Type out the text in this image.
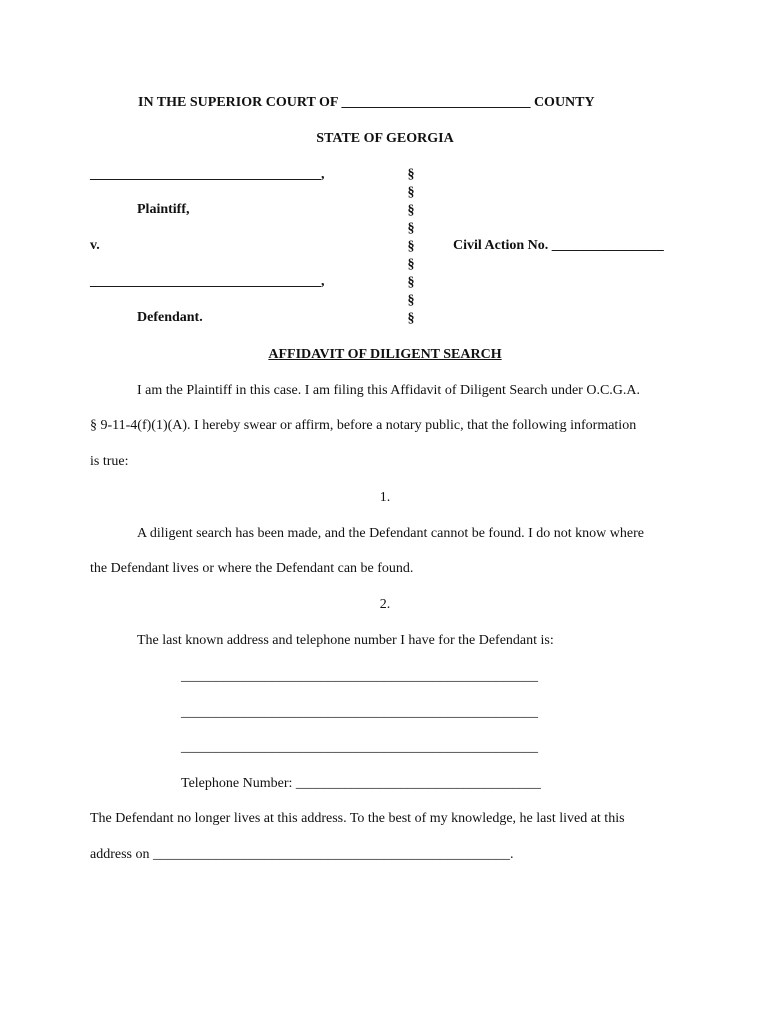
IN THE SUPERIOR COURT OF ___________________________ COUNTY
STATE OF GEORGIA
_________________________________,
Plaintiff,
v.
_________________________________,
Defendant.
§
§
§
§
§
§
§
§
§
Civil Action No. ________________
AFFIDAVIT OF DILIGENT SEARCH
I am the Plaintiff in this case. I am filing this Affidavit of Diligent Search under O.C.G.A.
§ 9-11-4(f)(1)(A). I hereby swear or affirm, before a notary public, that the following information
is true:
1.
A diligent search has been made, and the Defendant cannot be found. I do not know where
the Defendant lives or where the Defendant can be found.
2.
The last known address and telephone number I have for the Defendant is:
___________________________________________________
___________________________________________________
___________________________________________________
Telephone Number: ___________________________________
The Defendant no longer lives at this address. To the best of my knowledge, he last lived at this
address on ___________________________________________________.
